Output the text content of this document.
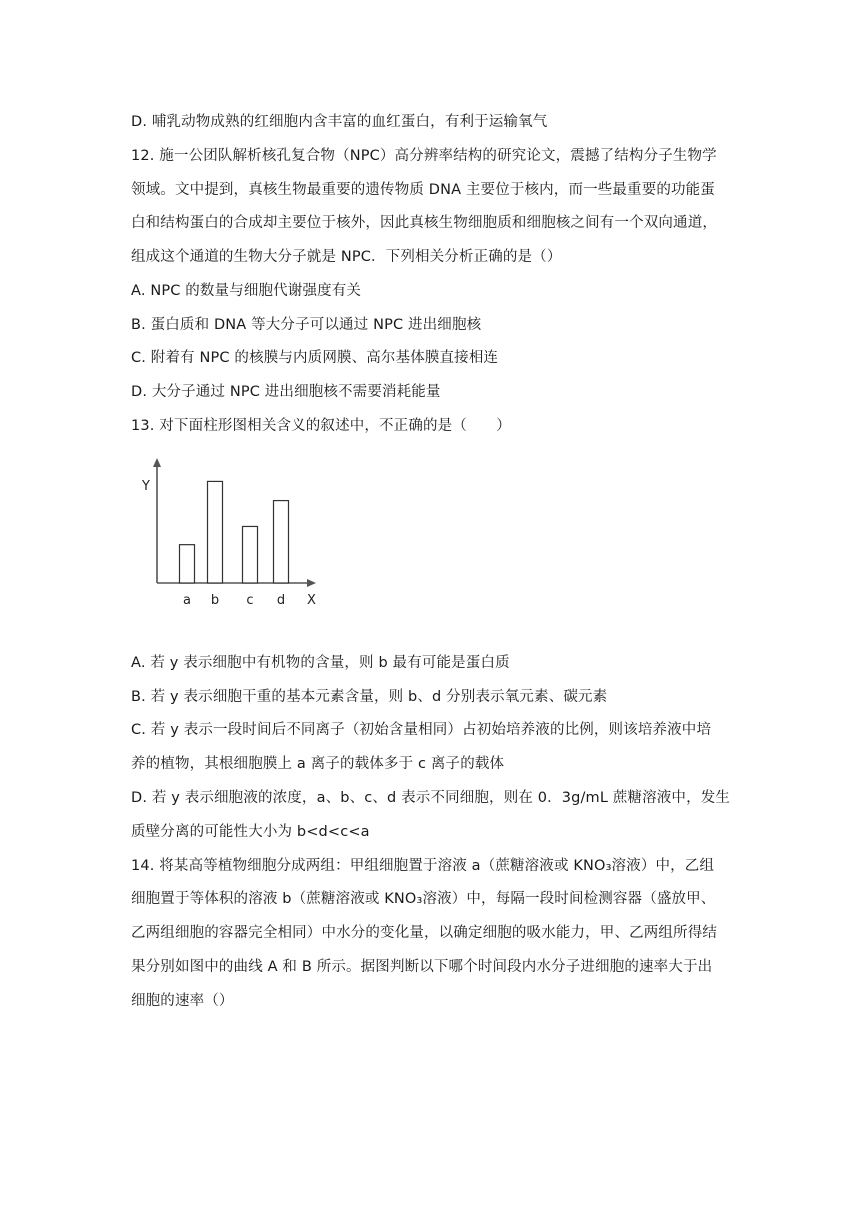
D. 哺乳动物成熟的红细胞内含丰富的血红蛋白，有利于运输氧气
12. 施一公团队解析核孔复合物（NPC）高分辨率结构的研究论文，震撼了结构分子生物学
领域。文中提到，真核生物最重要的遗传物质 DNA 主要位于核内，而一些最重要的功能蛋
白和结构蛋白的合成却主要位于核外，因此真核生物细胞质和细胞核之间有一个双向通道，
组成这个通道的生物大分子就是 NPC．下列相关分析正确的是（）
A. NPC 的数量与细胞代谢强度有关
B. 蛋白质和 DNA 等大分子可以通过 NPC 进出细胞核
C. 附着有 NPC 的核膜与内质网膜、高尔基体膜直接相连
D. 大分子通过 NPC 进出细胞核不需要消耗能量
13. 对下面柱形图相关含义的叙述中，不正确的是（　　）
Y
X
a b c d
A. 若 y 表示细胞中有机物的含量，则 b 最有可能是蛋白质
B. 若 y 表示细胞干重的基本元素含量，则 b、d 分别表示氧元素、碳元素
C. 若 y 表示一段时间后不同离子（初始含量相同）占初始培养液的比例，则该培养液中培
养的植物，其根细胞膜上 a 离子的载体多于 c 离子的载体
D. 若 y 表示细胞液的浓度，a、b、c、d 表示不同细胞，则在 0．3g/mL 蔗糖溶液中，发生
质壁分离的可能性大小为 b<d<c<a
14. 将某高等植物细胞分成两组：甲组细胞置于溶液 a（蔗糖溶液或 KNO₃溶液）中，乙组
细胞置于等体积的溶液 b（蔗糖溶液或 KNO₃溶液）中，每隔一段时间检测容器（盛放甲、
乙两组细胞的容器完全相同）中水分的变化量，以确定细胞的吸水能力，甲、乙两组所得结
果分别如图中的曲线 A 和 B 所示。据图判断以下哪个时间段内水分子进细胞的速率大于出
细胞的速率（）
